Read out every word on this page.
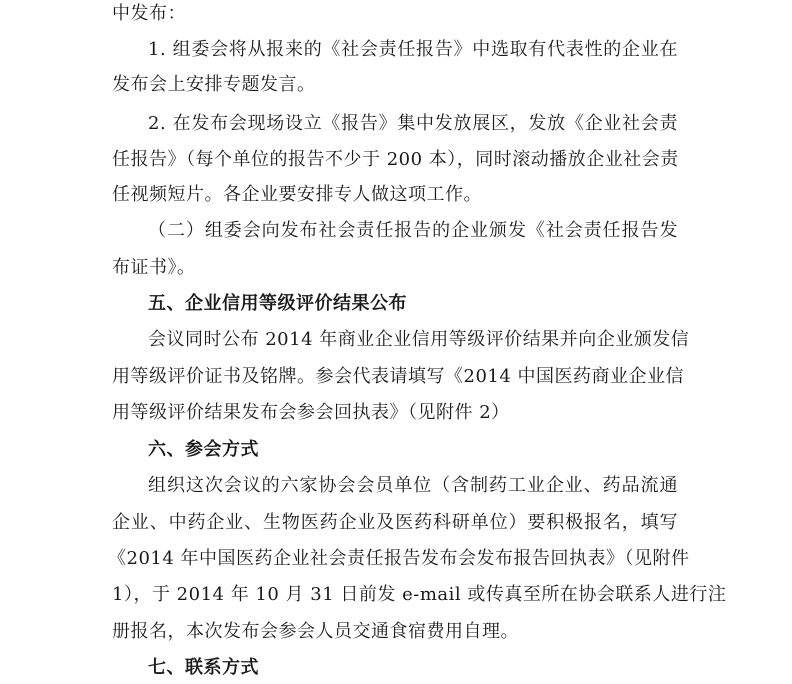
中发布：

1. 组委会将从报来的《社会责任报告》中选取有代表性的企业在

发布会上安排专题发言。

2. 在发布会现场设立《报告》集中发放展区，发放《企业社会责

任报告》（每个单位的报告不少于 200 本），同时滚动播放企业社会责

任视频短片。各企业要安排专人做这项工作。

（二）组委会向发布社会责任报告的企业颁发《社会责任报告发

布证书》。

五、企业信用等级评价结果公布

会议同时公布 2014 年商业企业信用等级评价结果并向企业颁发信

用等级评价证书及铭牌。参会代表请填写《2014 中国医药商业企业信

用等级评价结果发布会参会回执表》（见附件 2）

六、参会方式

组织这次会议的六家协会会员单位（含制药工业企业、药品流通

企业、中药企业、生物医药企业及医药科研单位）要积极报名，填写

《2014 年中国医药企业社会责任报告发布会发布报告回执表》（见附件

1），于 2014 年 10 月 31 日前发 e-mail 或传真至所在协会联系人进行注

册报名，本次发布会参会人员交通食宿费用自理。

七、联系方式
